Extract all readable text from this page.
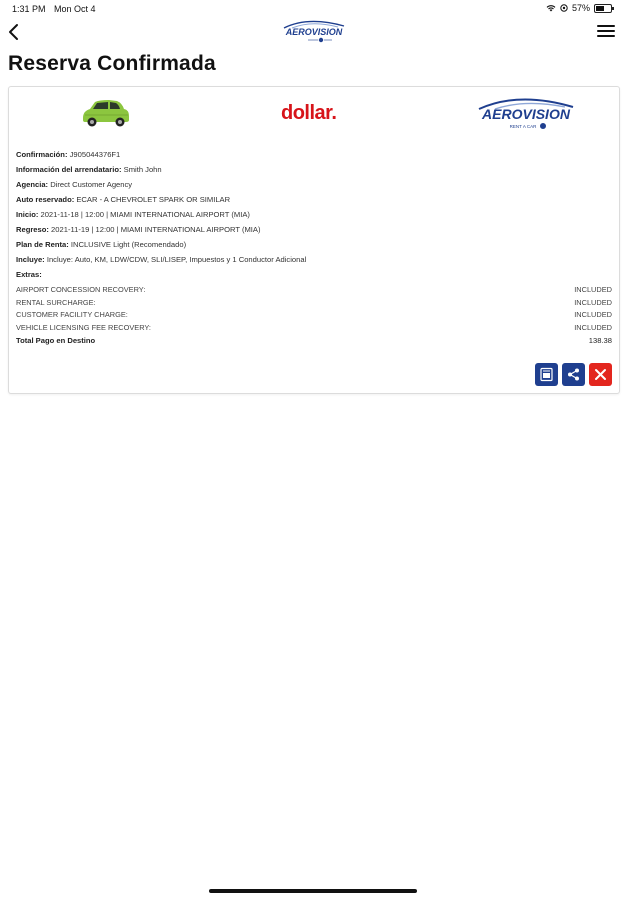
1:31 PM Mon Oct 4	57%
AEROVISION
Reserva Confirmada
dollar.	AEROVISION
RENT A CAR
Confirmación: J905044376F1
Información del arrendatario: Smith John
Agencia: Direct Customer Agency
Auto reservado: ECAR - A CHEVROLET SPARK OR SIMILAR
Inicio: 2021-11-18 | 12:00 | MIAMI INTERNATIONAL AIRPORT (MIA)
Regreso: 2021-11-19 | 12:00 | MIAMI INTERNATIONAL AIRPORT (MIA)
Plan de Renta: INCLUSIVE Light (Recomendado)
Incluye: Incluye: Auto, KM, LDW/CDW, SLI/LISEP, Impuestos y 1 Conductor Adicional
Extras:
AIRPORT CONCESSION RECOVERY:	INCLUDED
RENTAL SURCHARGE:	INCLUDED
CUSTOMER FACILITY CHARGE:	INCLUDED
VEHICLE LICENSING FEE RECOVERY:	INCLUDED
Total Pago en Destino	138.38
